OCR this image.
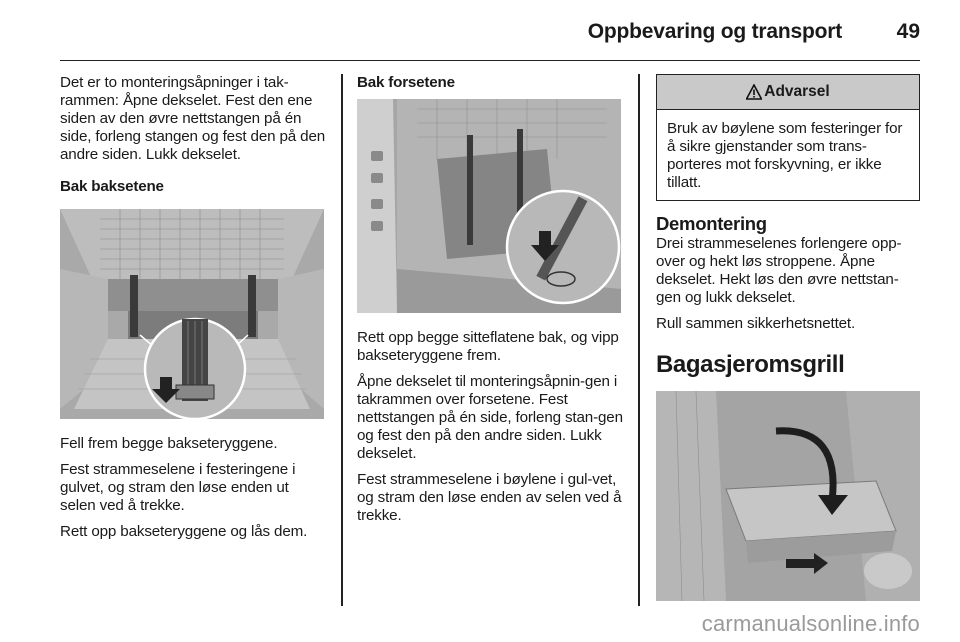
Oppbevaring og transport	49

Det er to monteringsåpninger i tak-rammen: Åpne dekselet. Fest den ene siden av den øvre nettstangen på én side, forleng stangen og fest den på den andre siden. Lukk dekselet.

Bak baksetene

Fell frem begge bakseteryggene.

Fest strammeselene i festeringene i gulvet, og stram den løse enden ut selen ved å trekke.

Rett opp bakseteryggene og lås dem.

Bak forsetene

Rett opp begge sitteflatene bak, og vipp bakseteryggene frem.

Åpne dekselet til monteringsåpnin-gen i takrammen over forsetene. Fest nettstangen på én side, forleng stan-gen og fest den på den andre siden. Lukk dekselet.

Fest strammeselene i bøylene i gul-vet, og stram den løse enden av selen ved å trekke.

Advarsel

Bruk av bøylene som festeringer for å sikre gjenstander som trans-porteres mot forskyvning, er ikke tillatt.

Demontering

Drei strammeselenes forlengere opp-over og hekt løs stroppene. Åpne dekselet. Hekt løs den øvre nettstan-gen og lukk dekselet.

Rull sammen sikkerhetsnettet.

Bagasjeromsgrill
carmanualsonline.info
